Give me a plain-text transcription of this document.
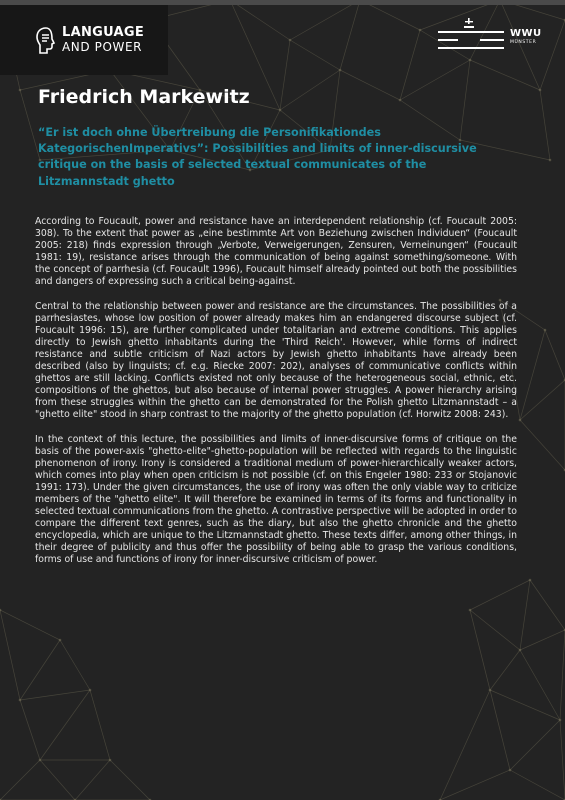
LANGUAGE
AND POWER
WWU
MÜNSTER
Friedrich Markewitz

“Er ist doch ohne Übertreibung die Personifikationdes KategorischenImperativs”: Possibilities and limits of inner-discursive critique on the basis of selected textual communicates of the Litzmannstadt ghetto

According to Foucault, power and resistance have an interdependent relationship (cf. Foucault 2005: 308). To the extent that power as „eine bestimmte Art von Beziehung zwischen Individuen“ (Foucault 2005: 218) finds expression through „Verbote, Verweigerungen, Zensuren, Verneinungen“ (Foucault 1981: 19), resistance arises through the communication of being against something/someone. With the concept of parrhesia (cf. Foucault 1996), Foucault himself already pointed out both the possibilities and dangers of expressing such a critical being-against.

Central to the relationship between power and resistance are the circumstances. The possibilities of a parrhesiastes, whose low position of power already makes him an endangered discourse subject (cf. Foucault 1996: 15), are further complicated under totalitarian and extreme conditions. This applies directly to Jewish ghetto inhabitants during the 'Third Reich'. However, while forms of indirect resistance and subtle criticism of Nazi actors by Jewish ghetto inhabitants have already been described (also by linguists; cf. e.g. Riecke 2007: 202), analyses of communicative conflicts within ghettos are still lacking. Conflicts existed not only because of the heterogeneous social, ethnic, etc. compositions of the ghettos, but also because of internal power struggles. A power hierarchy arising from these struggles within the ghetto can be demonstrated for the Polish ghetto Litzmannstadt – a "ghetto elite" stood in sharp contrast to the majority of the ghetto population (cf. Horwitz 2008: 243).

In the context of this lecture, the possibilities and limits of inner-discursive forms of critique on the basis of the power-axis "ghetto-elite"-ghetto-population will be reflected with regards to the linguistic phenomenon of irony. Irony is considered a traditional medium of power-hierarchically weaker actors, which comes into play when open criticism is not possible (cf. on this Engeler 1980: 233 or Stojanovic 1991: 173). Under the given circumstances, the use of irony was often the only viable way to criticize members of the "ghetto elite". It will therefore be examined in terms of its forms and functionality in selected textual communications from the ghetto. A contrastive perspective will be adopted in order to compare the different text genres, such as the diary, but also the ghetto chronicle and the ghetto encyclopedia, which are unique to the Litzmannstadt ghetto. These texts differ, among other things, in their degree of publicity and thus offer the possibility of being able to grasp the various conditions, forms of use and functions of irony for inner-discursive criticism of power.
